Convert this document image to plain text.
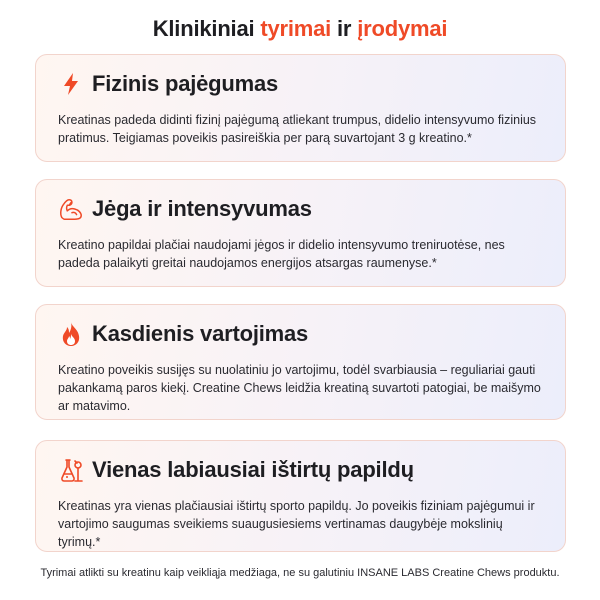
Klinikiniai tyrimai ir įrodymai
Fizinis pajėgumas

Kreatinas padeda didinti fizinį pajėgumą atliekant trumpus, didelio intensyvumo fizinius pratimus. Teigiamas poveikis pasireiškia per parą suvartojant 3 g kreatino.*

Jėga ir intensyvumas

Kreatino papildai plačiai naudojami jėgos ir didelio intensyvumo treniruotėse, nes padeda palaikyti greitai naudojamos energijos atsargas raumenyse.*

Kasdienis vartojimas

Kreatino poveikis susijęs su nuolatiniu jo vartojimu, todėl svarbiausia – reguliariai gauti pakankamą paros kiekį. Creatine Chews leidžia kreatiną suvartoti patogiai, be maišymo ar matavimo.

Vienas labiausiai ištirtų papildų

Kreatinas yra vienas plačiausiai ištirtų sporto papildų. Jo poveikis fiziniam pajėgumui ir vartojimo saugumas sveikiems suaugusiesiems vertinamas daugybėje mokslinių tyrimų.*

Tyrimai atlikti su kreatinu kaip veikliąja medžiaga, ne su galutiniu INSANE LABS Creatine Chews produktu.
